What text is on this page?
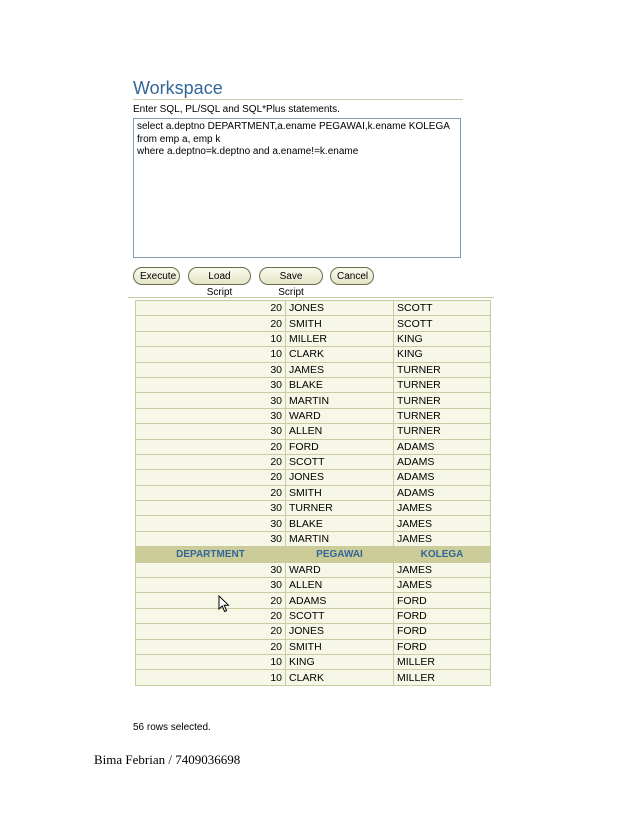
Workspace
Enter SQL, PL/SQL and SQL*Plus statements.
select a.deptno DEPARTMENT,a.ename PEGAWAI,k.ename KOLEGA
from emp a, emp k
where a.deptno=k.deptno and a.ename!=k.ename
Execute	Load Script
Save Script
Cancel
20	JONES	SCOTT
20	SMITH	SCOTT
10	MILLER	KING
10	CLARK	KING
30	JAMES	TURNER
30	BLAKE	TURNER
30	MARTIN	TURNER
30	WARD	TURNER
30	ALLEN	TURNER
20	FORD	ADAMS
20	SCOTT	ADAMS
20	JONES	ADAMS
20	SMITH	ADAMS
30	TURNER	JAMES
30	BLAKE	JAMES
30	MARTIN	JAMES
DEPARTMENT	PEGAWAI	KOLEGA
30	WARD	JAMES
30	ALLEN	JAMES
20	ADAMS	FORD
20	SCOTT	FORD
20	JONES	FORD
20	SMITH	FORD
10	KING	MILLER
10	CLARK	MILLER
56 rows selected.
Bima Febrian / 7409036698
